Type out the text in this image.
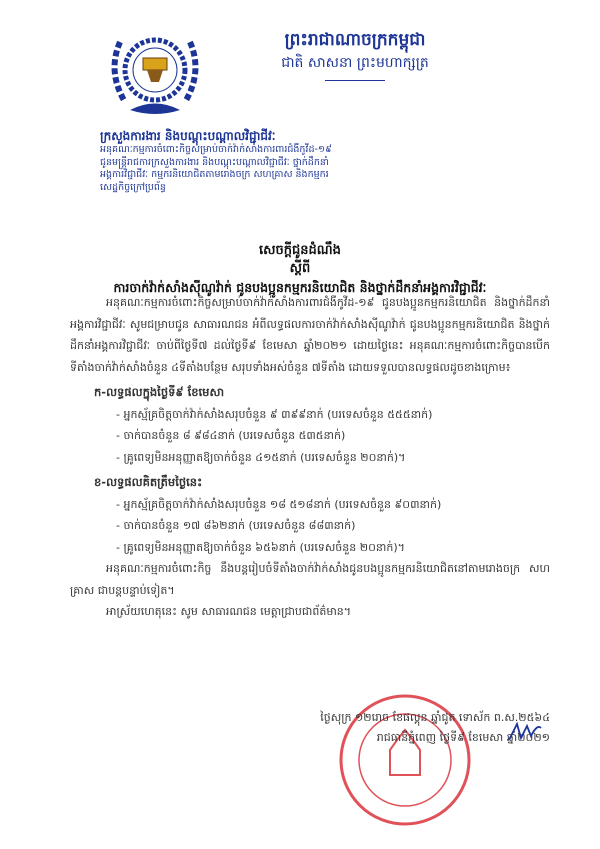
ព្រះរាជាណាចក្រកម្ពុជា
ជាតិ សាសនា ព្រះមហាក្សត្រ
ក្រសួងការងារ និងបណ្តុះបណ្តាលវិជ្ជាជីវៈ
អនុគណៈកម្មការចំពោះកិច្ចសម្រាប់ចាក់វ៉ាក់សាំងការពារជំងឺកូវីដ-១៩
ជូនមន្ត្រីរាជការក្រសួងការងារ និងបណ្តុះបណ្តាលវិជ្ជាជីវៈ ថ្នាក់ដឹកនាំ
អង្គការវិជ្ជាជីវៈ កម្មករនិយោជិតតាមរោងចក្រ សហគ្រាស និងកម្មករ
សេដ្ឋកិច្ចក្រៅប្រព័ន្ធ
សេចក្តីជូនដំណឹង
ស្តីពី
ការចាក់វ៉ាក់សាំងស៊ីណូវ៉ាក់ ជូនបងប្អូនកម្មករនិយោជិត និងថ្នាក់ដឹកនាំអង្គការវិជ្ជាជីវៈ

អនុគណៈកម្មការចំពោះកិច្ចសម្រាប់ចាក់វ៉ាក់សាំងការពារជំងឺកូវីដ-១៩ ជូនបងប្អូនកម្មករនិយោជិត និងថ្នាក់ដឹកនាំអង្គការវិជ្ជាជីវៈ សូមជម្រាបជូន សាធារណជន អំពីលទ្ធផលការចាក់វ៉ាក់សាំងស៊ីណូវ៉ាក់ ជូនបងប្អូនកម្មករនិយោជិត និងថ្នាក់ដឹកនាំអង្គការវិជ្ជាជីវៈ ចាប់ពីថ្ងៃទី៧ ដល់ថ្ងៃទី៩ ខែមេសា ឆ្នាំ២០២១ ដោយថ្ងៃនេះ អនុគណៈកម្មការចំពោះកិច្ចបានបើកទីតាំងចាក់វ៉ាក់សាំងចំនួន ៤ទីតាំងបន្ថែម សរុបទាំងអស់ចំនួន ៧ទីតាំង ដោយទទួលបានលទ្ធផលដូចខាងក្រោម៖

ក-លទ្ធផលក្នុងថ្ងៃទី៩ ខែមេសា
- អ្នកស្ម័គ្រចិត្តចាក់វ៉ាក់សាំងសរុបចំនួន ៩ ៣៩៩នាក់ (បរទេសចំនួន ៥៥៥នាក់)
- ចាក់បានចំនួន ៨ ៩៨៤នាក់ (បរទេសចំនួន ៥៣៥នាក់)
- គ្រូពេទ្យមិនអនុញ្ញាតឱ្យចាក់ចំនួន ៤១៥នាក់ (បរទេសចំនួន ២០នាក់)។
ខ-លទ្ធផលគិតត្រឹមថ្ងៃនេះ
- អ្នកស្ម័គ្រចិត្តចាក់វ៉ាក់សាំងសរុបចំនួន ១៨ ៥១៨នាក់ (បរទេសចំនួន ៩០៣នាក់)
- ចាក់បានចំនួន ១៧ ៨៦២នាក់ (បរទេសចំនួន ៨៨៣នាក់)
- គ្រូពេទ្យមិនអនុញ្ញាតឱ្យចាក់ចំនួន ៦៥៦នាក់ (បរទេសចំនួន ២០នាក់)។

អនុគណៈកម្មការចំពោះកិច្ច នឹងបន្តរៀបចំទីតាំងចាក់វ៉ាក់សាំងជូនបងប្អូនកម្មករនិយោជិតនៅតាមរោងចក្រ សហគ្រាស ជាបន្តបន្ទាប់ទៀត។

អាស្រ័យហេតុនេះ សូម សាធារណជន មេត្តាជ្រាបជាព័ត៌មាន។

ថ្ងៃសុក្រ ១២រោច ខែផល្គុន ឆ្នាំជូត ទោស័ក ព.ស.២៥៦៤
រាជធានីភ្នំពេញ ថ្ងៃទី៩ ខែមេសា ឆ្នាំ២០២១
